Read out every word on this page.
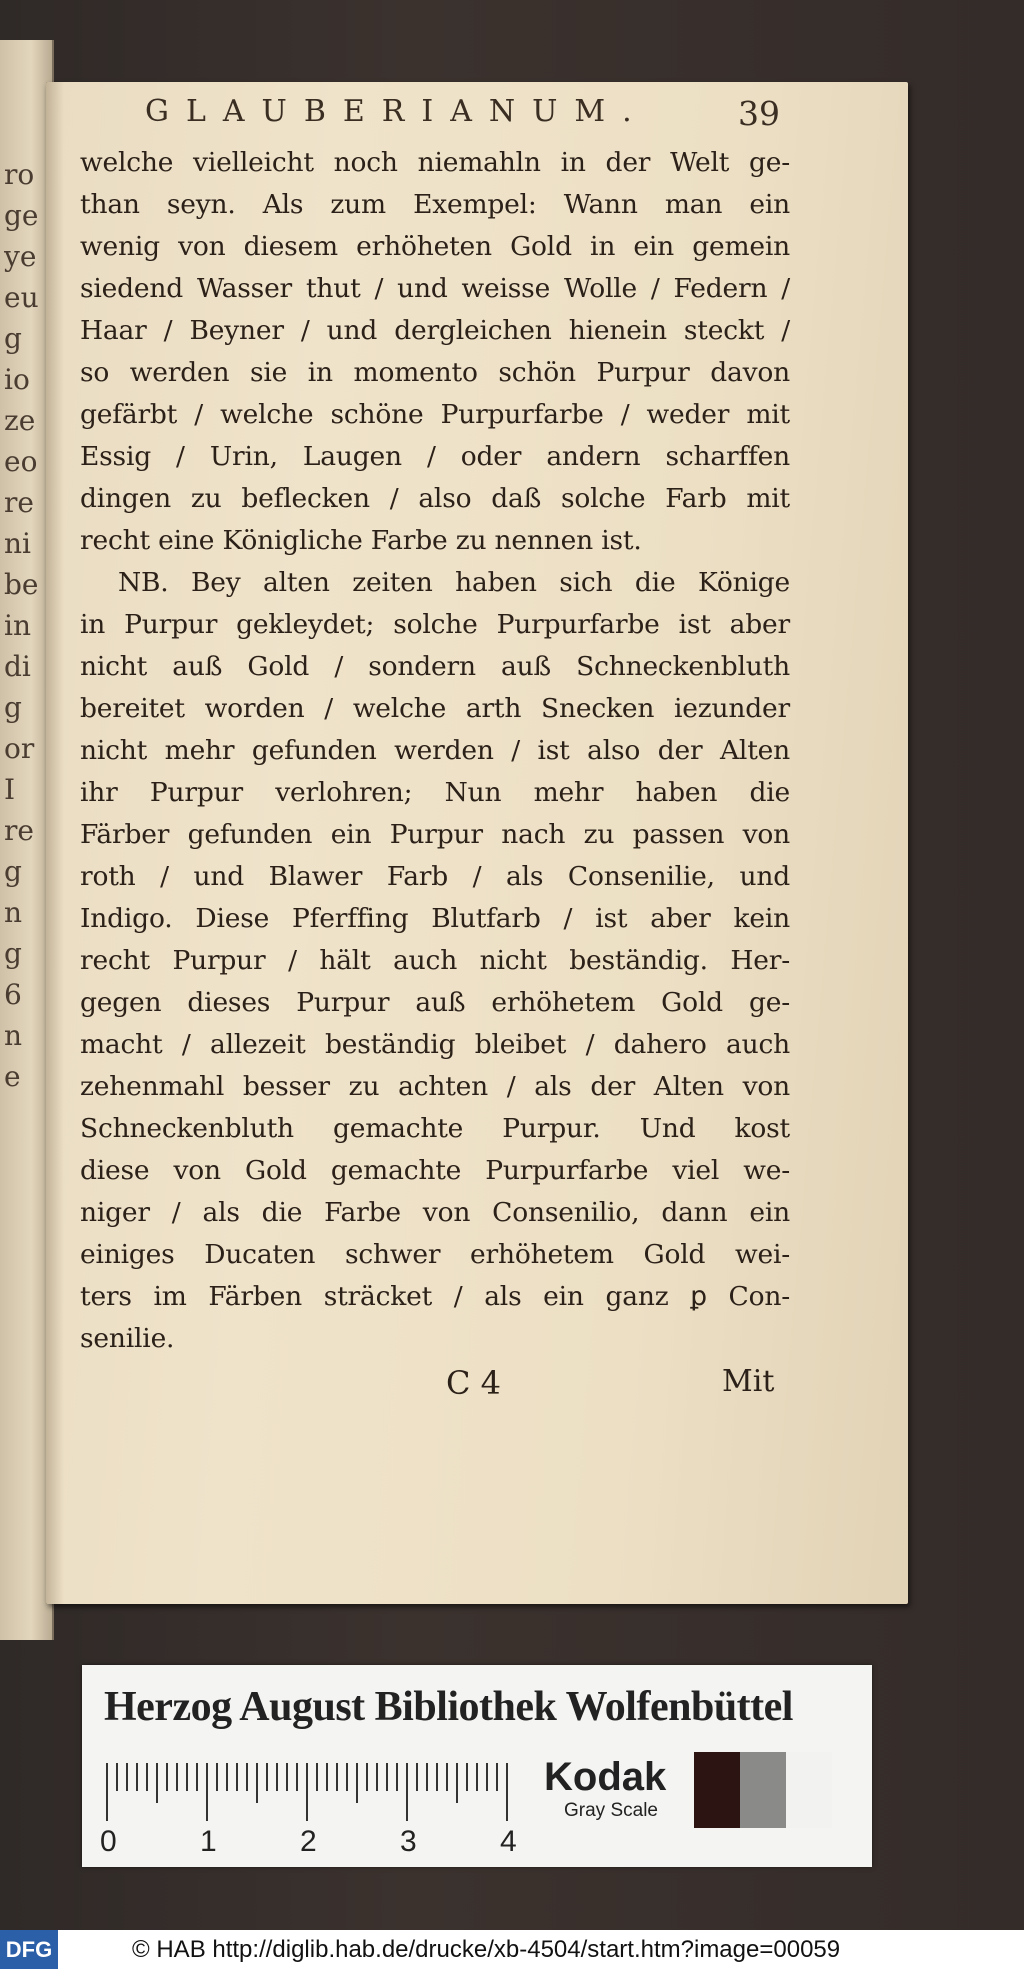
ro
ge
ye
eu
g
io
ze
eo
re
ni
be
in
di
g
or
I
re
g
n
g
6
n
e
GLAUBERIANUM.	39
welche vielleicht noch niemahln in der Welt ge-
than seyn. Als zum Exempel: Wann man ein
wenig von diesem erhöheten Gold in ein gemein
siedend Wasser thut / und weisse Wolle / Federn /
Haar / Beyner / und dergleichen hienein steckt /
so werden sie in momento schön Purpur davon
gefärbt / welche schöne Purpurfarbe / weder mit
Essig / Urin, Laugen / oder andern scharffen
dingen zu beflecken / also daß solche Farb mit
recht eine Königliche Farbe zu nennen ist.
NB. Bey alten zeiten haben sich die Könige
in Purpur gekleydet; solche Purpurfarbe ist aber
nicht auß Gold / sondern auß Schneckenbluth
bereitet worden / welche arth Snecken iezunder
nicht mehr gefunden werden / ist also der Alten
ihr Purpur verlohren; Nun mehr haben die
Färber gefunden ein Purpur nach zu passen von
roth / und Blawer Farb / als Consenilie, und
Indigo. Diese Pferffing Blutfarb / ist aber kein
recht Purpur / hält auch nicht beständig. Her-
gegen dieses Purpur auß erhöhetem Gold ge-
macht / allezeit beständig bleibet / dahero auch
zehenmahl besser zu achten / als der Alten von
Schneckenbluth gemachte Purpur. Und kost
diese von Gold gemachte Purpurfarbe viel we-
niger / als die Farbe von Consenilio, dann ein
einiges Ducaten schwer erhöhetem Gold wei-
ters im Färben sträcket / als ein ganz ꝑ Con-
senilie.
C 4	Mit
Herzog August Bibliothek Wolfenbüttel
0	1	2	3	4
Kodak
Gray Scale
DFG	© HAB http://diglib.hab.de/drucke/xb-4504/start.htm?image=00059
